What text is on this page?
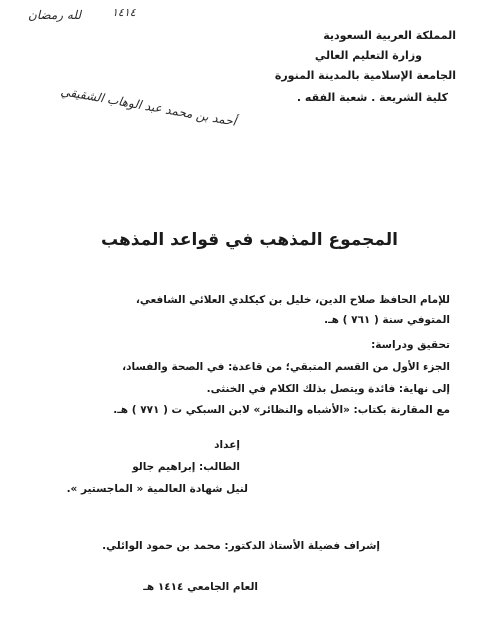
لله رمضان	١٤١٤
أحمد بن محمد عبد الوهاب الشقيقي
المملكة العربية السعودية
وزارة التعليم العالي
الجامعة الإسلامية بالمدينة المنورة
كلية الشريعة . شعبة الفقه .
المجموع المذهب في قواعد المذهب
للإمام الحافظ صلاح الدين، خليل بن كيكلدي العلائي الشافعي،
المتوفي سنة ( ٧٦١ ) هـ.
تحقيق ودراسة:
الجزء الأول من القسم المتبقي؛ من قاعدة: في الصحة والفساد،
إلى نهاية: فائدة ويتصل بذلك الكلام في الخنثى.
مع المقارنة بكتاب: «الأشباه والنظائر» لابن السبكي ت ( ٧٧١ ) هـ.
إعداد
الطالب: إبراهيم جالو
لنيل شهادة العالمية « الماجستير ».
إشراف فضيلة الأستاذ الدكتور: محمد بن حمود الوائلي.
العام الجامعي ١٤١٤ هـ
